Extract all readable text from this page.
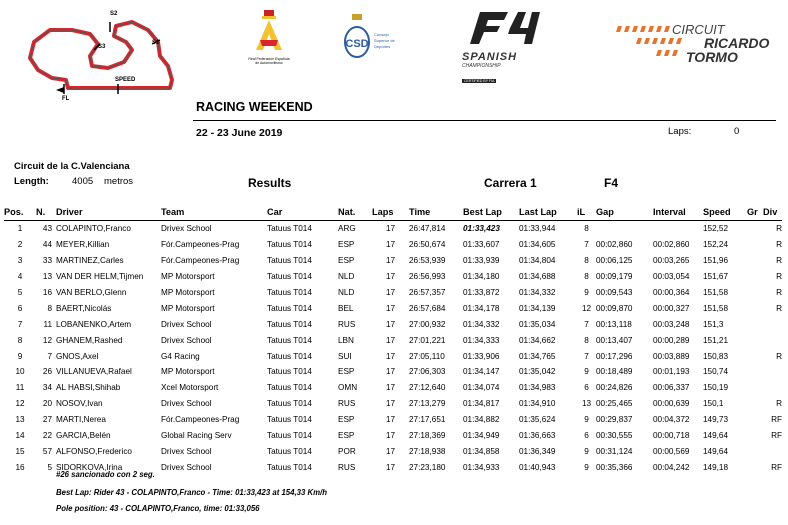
S2
S1
S3
SPEED
FL
Real Federación Española
de Automovilismo
CSD
Consejo
Superior de
Deportes
SPANISH
CHAMPIONSHIP
CERTIFIED BY FIA
CIRCUIT
RICARDO
TORMO
RACING WEEKEND
22 - 23 June 2019	Laps:	0
Circuit de la C.Valenciana
Length: 4005 metros	Results	Carrera 1	F4
Pos.	N.	Driver	Team	Car	Nat.	Laps	Time	Best Lap	Last Lap	iL	Gap	Interval	Speed	Gr	Div
1	43	COLAPINTO,Franco	Drivex School	Tatuus T014	ARG	17	26:47,814	01:33,423	01:33,944	8			152,52		R
2	44	MEYER,Killian	Fór.Campeones-Prag	Tatuus T014	ESP	17	26:50,674	01:33,607	01:34,605	7	00:02,860	00:02,860	152,24		R
3	33	MARTINEZ,Carles	Fór.Campeones-Prag	Tatuus T014	ESP	17	26:53,939	01:33,939	01:34,804	8	00:06,125	00:03,265	151,96		R
4	13	VAN DER HELM,Tijmen	MP Motorsport	Tatuus T014	NLD	17	26:56,993	01:34,180	01:34,688	8	00:09,179	00:03,054	151,67		R
5	16	VAN BERLO,Glenn	MP Motorsport	Tatuus T014	NLD	17	26:57,357	01:33,872	01:34,332	9	00:09,543	00:00,364	151,58		R
6	8	BAERT,Nicolás	MP Motorsport	Tatuus T014	BEL	17	26:57,684	01:34,178	01:34,139	12	00:09,870	00:00,327	151,58		R
7	11	LOBANENKO,Artem	Drivex School	Tatuus T014	RUS	17	27:00,932	01:34,332	01:35,034	7	00:13,118	00:03,248	151,3		
8	12	GHANEM,Rashed	Drivex School	Tatuus T014	LBN	17	27:01,221	01:34,333	01:34,662	8	00:13,407	00:00,289	151,21		
9	7	GNOS,Axel	G4 Racing	Tatuus T014	SUI	17	27:05,110	01:33,906	01:34,765	7	00:17,296	00:03,889	150,83		R
10	26	VILLANUEVA,Rafael	MP Motorsport	Tatuus T014	ESP	17	27:06,303	01:34,147	01:35,042	9	00:18,489	00:01,193	150,74		
11	34	AL HABSI,Shihab	Xcel Motorsport	Tatuus T014	OMN	17	27:12,640	01:34,074	01:34,983	6	00:24,826	00:06,337	150,19		
12	20	NOSOV,Ivan	Drivex School	Tatuus T014	RUS	17	27:13,279	01:34,817	01:34,910	13	00:25,465	00:00,639	150,1		R
13	27	MARTI,Nerea	Fór.Campeones-Prag	Tatuus T014	ESP	17	27:17,651	01:34,882	01:35,624	9	00:29,837	00:04,372	149,73		RF
14	22	GARCIA,Belén	Global Racing Serv	Tatuus T014	ESP	17	27:18,369	01:34,949	01:36,663	6	00:30,555	00:00,718	149,64		RF
15	57	ALFONSO,Frederico	Drivex School	Tatuus T014	POR	17	27:18,938	01:34,858	01:36,349	9	00:31,124	00:00,569	149,64		
16	5	SIDORKOVA,Irina	Drivex School	Tatuus T014	RUS	17	27:23,180	01:34,933	01:40,943	9	00:35,366	00:04,242	149,18		RF
#26 sancionado con 2 seg.
Best Lap: Rider 43 - COLAPINTO,Franco - Time: 01:33,423 at 154,33 Km/h
Pole position: 43 - COLAPINTO,Franco, time: 01:33,056
